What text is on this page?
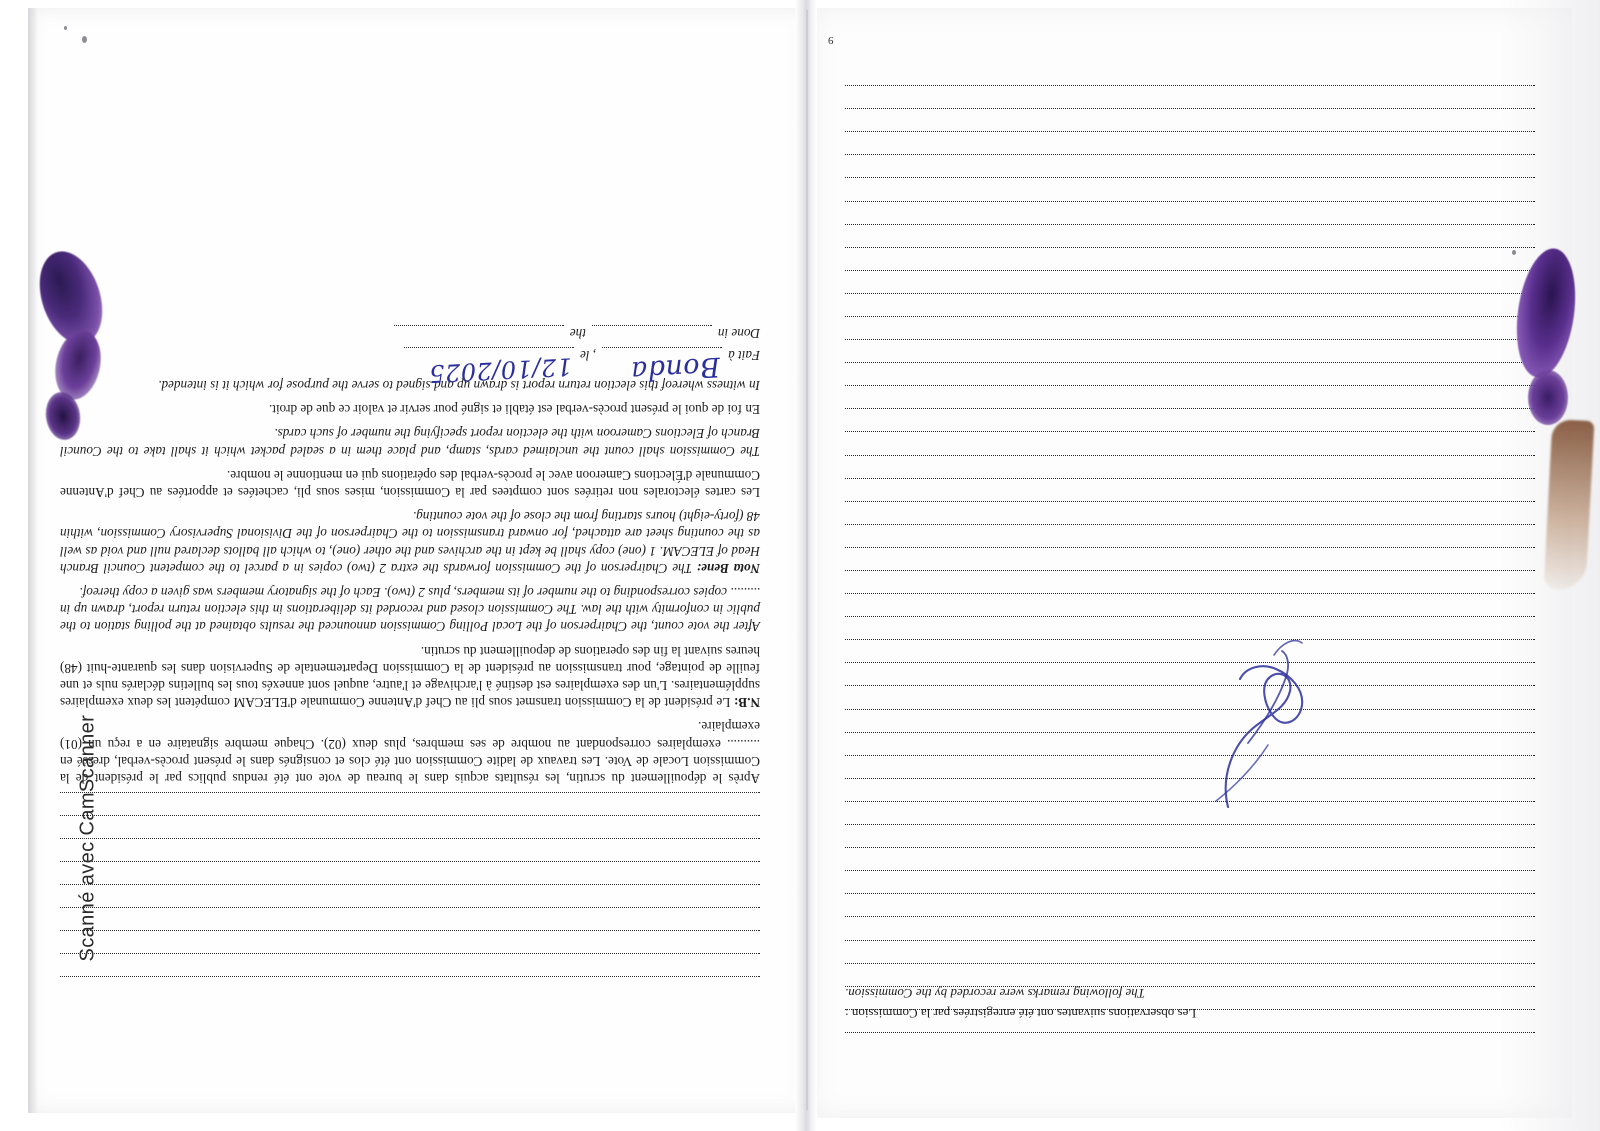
Après le dépouillement du scrutin, les résultats acquis dans le bureau de vote ont été rendus publics par le président de la Commission Locale de Vote. Les travaux de ladite Commission ont été clos et consignés dans le présent procès-verbal, dressé en .......... exemplaires correspondant au nombre de ses membres, plus deux (02). Chaque membre signataire en a reçu un (01) exemplaire.

N.B: Le président de la Commission transmet sous pli au Chef d'Antenne Communale d'ELECAM compétent les deux exemplaires supplémentaires. L'un des exemplaires est destiné à l'archivage et l'autre, auquel sont annexés tous les bulletins déclarés nuls et une feuille de pointage, pour transmission au président de la Commission Departementale de Supervision dans les quarante-huit (48) heures suivant la fin des operations de depouillement du scrutin.

After the vote count, the Chairperson of the Local Polling Commission announced the results obtained at the polling station to the public in conformity with the law. The Commission closed and recorded its deliberations in this election return report, drawn up in ......... copies corresponding to the number of its members, plus 2 (two). Each of the signatory members was given a copy thereof.

Nota Bene: The Chairperson of the Commission forwards the extra 2 (two) copies in a parcel to the competent Council Branch Head of ELECAM. 1 (one) copy shall be kept in the archives and the other (one), to which all ballots declared null and void as well as the counting sheet are attached, for onward transmission to the Chairperson of the Divisional Supervisory Commission, within 48 (forty-eight) hours starting from the close of the vote counting.

Les cartes électorales non retirées sont comptees par la Commission, mises sous pli, cachetées et apportées au Chef d'Antenne Communale d'Élections Cameroon avec le procès-verbal des opérations qui en mentionne le nombre.

The Commission shall count the unclaimed cards, stamp, and place them in a sealed packet which it shall take to the Council Branch of Elections Cameroon with the election report specifying the number of such cards.

En foi de quoi le présent procès-verbal est établi et signé pour servir et valoir ce que de droit.

In witness whereof this election return report is drawn up and signed to serve the purpose for which it is intended.

Fait à
Bonda
, le
12/10/2025
Done in
the
Les observations suivantes ont été enregistrées par la Commission :
The following remarks were recorded by the Commission.
9
Scanné avec CamScanner
